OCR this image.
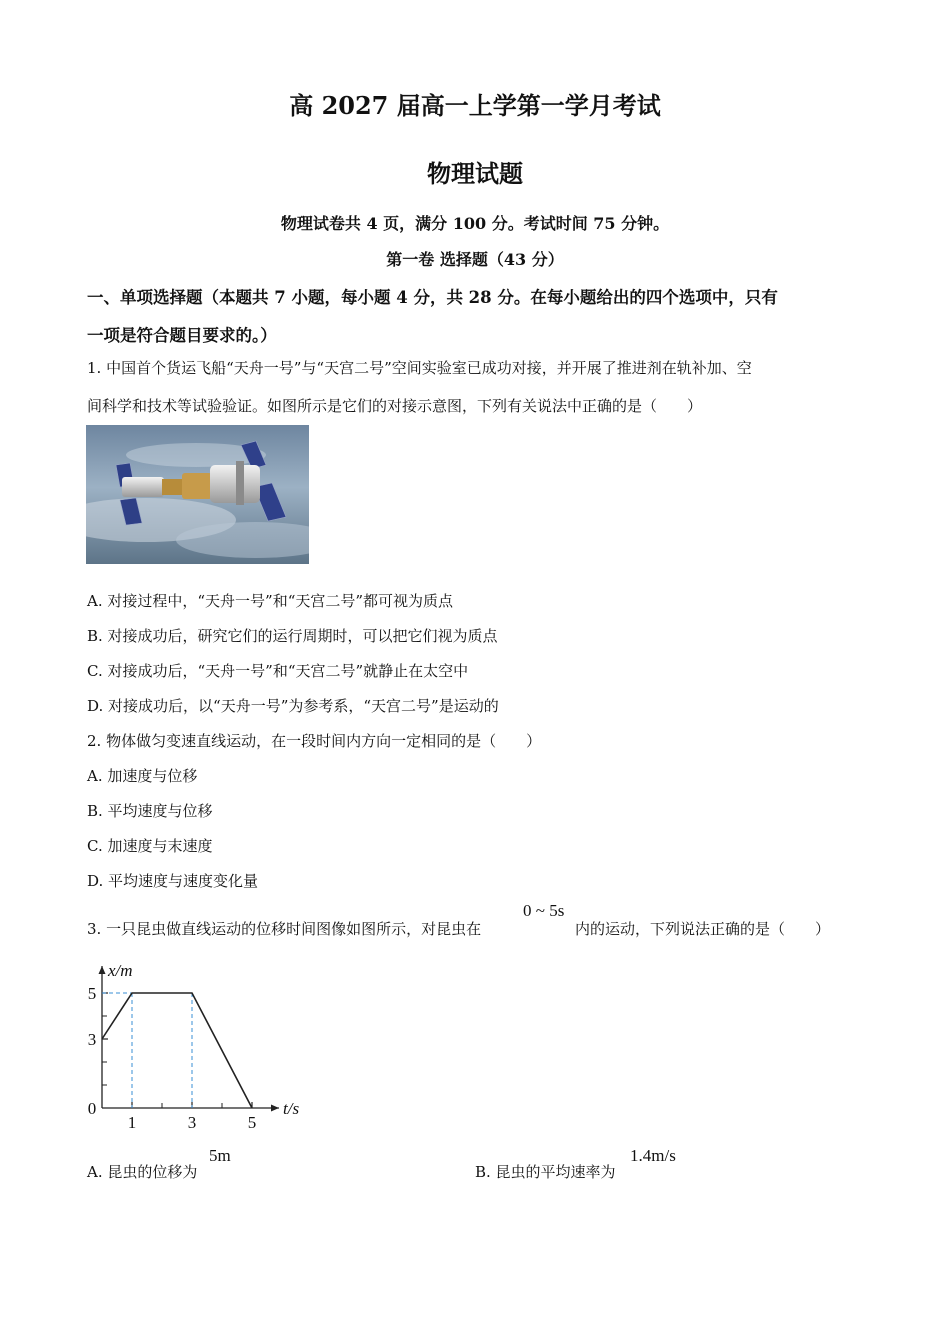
高 2027 届高一上学第一学月考试
物理试题
物理试卷共 4 页，满分 100 分。考试时间 75 分钟。
第一卷 选择题（43 分）
一、单项选择题（本题共 7 小题，每小题 4 分，共 28 分。在每小题给出的四个选项中，只有
一项是符合题目要求的。）
1. 中国首个货运飞船“天舟一号”与“天宫二号”空间实验室已成功对接，并开展了推进剂在轨补加、空
间科学和技术等试验验证。如图所示是它们的对接示意图，下列有关说法中正确的是（　　）
A. 对接过程中，“天舟一号”和“天宫二号”都可视为质点
B. 对接成功后，研究它们的运行周期时，可以把它们视为质点
C. 对接成功后，“天舟一号”和“天宫二号”就静止在太空中
D. 对接成功后，以“天舟一号”为参考系，“天宫二号”是运动的
2. 物体做匀变速直线运动，在一段时间内方向一定相同的是（　　）
A. 加速度与位移
B. 平均速度与位移
C. 加速度与末速度
D. 平均速度与速度变化量
3. 一只昆虫做直线运动的位移时间图像如图所示，对昆虫在
0 ~ 5s
内的运动，下列说法正确的是（　　）
0
1	3	5
3
5
t/s
x/m
A. 昆虫的位移为
5m
B. 昆虫的平均速率为
1.4m/s
